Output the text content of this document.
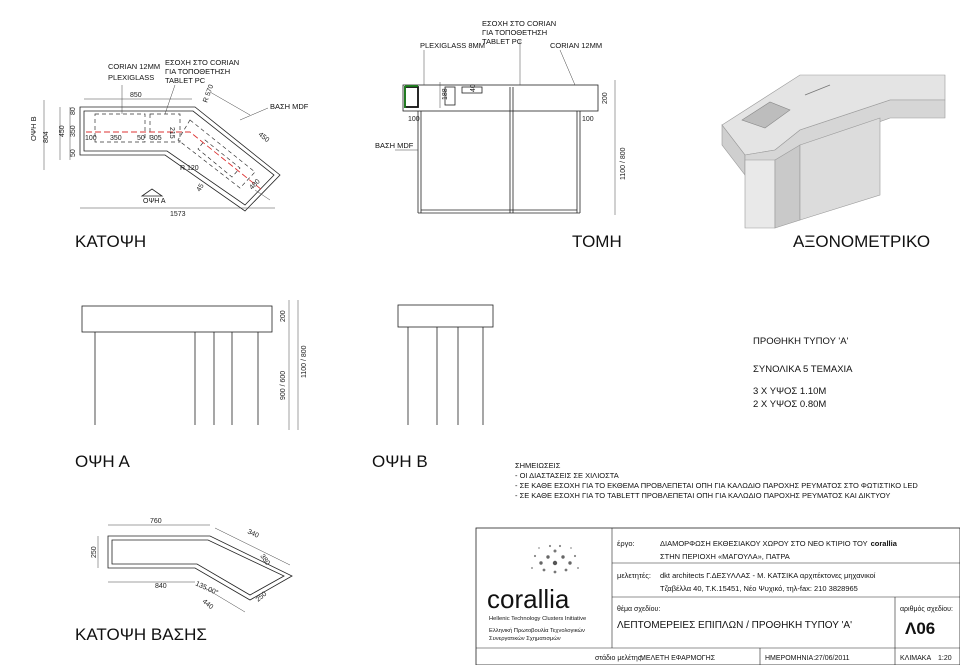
CORIAN 12MM
PLEXIGLASS
ΕΣΟΧΗ ΣΤΟ CORIAN
ΓΙΑ ΤΟΠΟΘΕΤΗΣΗ
TABLET PC
ΒΑΣΗ MDF
ΟΨΗ Β
850	R 570
80
450 350
804
50
100 350 50 305 215	450
R 120
45	480
ΟΨΗ Α
1573
ΚΑΤΟΨΗ
PLEXIGLASS 8MM
ΕΣΟΧΗ ΣΤΟ CORIAN
ΓΙΑ ΤΟΠΟΘΕΤΗΣΗ
TABLET PC	CORIAN 12MM
ΒΑΣΗ MDF
188
40
100	100
200
1100 / 800
ΤΟΜΗ	ΑΞΟΝΟΜΕΤΡΙΚΟ
200
900 / 600
1100 / 800
ΟΨΗ Α	ΟΨΗ Β
ΠΡΟΘΗΚΗ ΤΥΠΟΥ 'Α'
ΣΥΝΟΛΙΚΑ 5 ΤΕΜΑΧΙΑ
3 Χ ΥΨΟΣ 1.10Μ
2 Χ ΥΨΟΣ 0.80Μ
ΣΗΜΕΙΩΣΕΙΣ
- ΟΙ ΔΙΑΣΤΑΣΕΙΣ ΣΕ ΧΙΛΙΟΣΤΑ
- ΣΕ ΚΑΘΕ ΕΣΟΧΗ ΓΙΑ ΤΟ ΕΚΘΕΜΑ ΠΡΟΒΛΕΠΕΤΑΙ ΟΠΗ ΓΙΑ ΚΑΛΩΔΙΟ ΠΑΡΟΧΗΣ ΡΕΥΜΑΤΟΣ ΣΤΟ ΦΩΤΙΣΤΙΚΟ LED
- ΣΕ ΚΑΘΕ ΕΣΟΧΗ ΓΙΑ ΤΟ TABLETT ΠΡΟΒΛΕΠΕΤΑΙ ΟΠΗ ΓΙΑ ΚΑΛΩΔΙΟ ΠΑΡΟΧΗΣ ΡΕΥΜΑΤΟΣ ΚΑΙ ΔΙΚΤΥΟΥ
760
340
250
380
840	135.00°
440
250
ΚΑΤΟΨΗ ΒΑΣΗΣ
corallia
Hellenic Technology Clusters Initiative
Ελληνική Πρωτοβουλία Τεχνολογικών
Συνεργατικών Σχηματισμών
έργο:	ΔΙΑΜΟΡΦΩΣΗ ΕΚΘΕΣΙΑΚΟΥ ΧΩΡΟΥ ΣΤΟ ΝΕΟ ΚΤΙΡΙΟ ΤΟΥ corallia
ΣΤΗΝ ΠΕΡΙΟΧΗ «ΜΑΓΟΥΛΑ», ΠΑΤΡΑ
μελετητές: dkt architects Γ.ΔΕΣΥΛΛΑΣ - Μ. ΚΑΤΣΙΚΑ αρχιτέκτονες μηχανικοί
Τζαβέλλα 40, Τ.Κ.15451, Νέο Ψυχικό, τηλ-fax: 210 3828965
θέμα σχεδίου:
ΛΕΠΤΟΜΕΡΕΙΕΣ ΕΠΙΠΛΩΝ / ΠΡΟΘΗΚΗ ΤΥΠΟΥ 'Α'
αριθμός σχεδίου:
Λ06
στάδιο μελέτης:
ΜΕΛΕΤΗ ΕΦΑΡΜΟΓΗΣ	ΗΜΕΡΟΜΗΝΙΑ: 27/06/2011	ΚΛΙΜΑΚΑ 1:20
